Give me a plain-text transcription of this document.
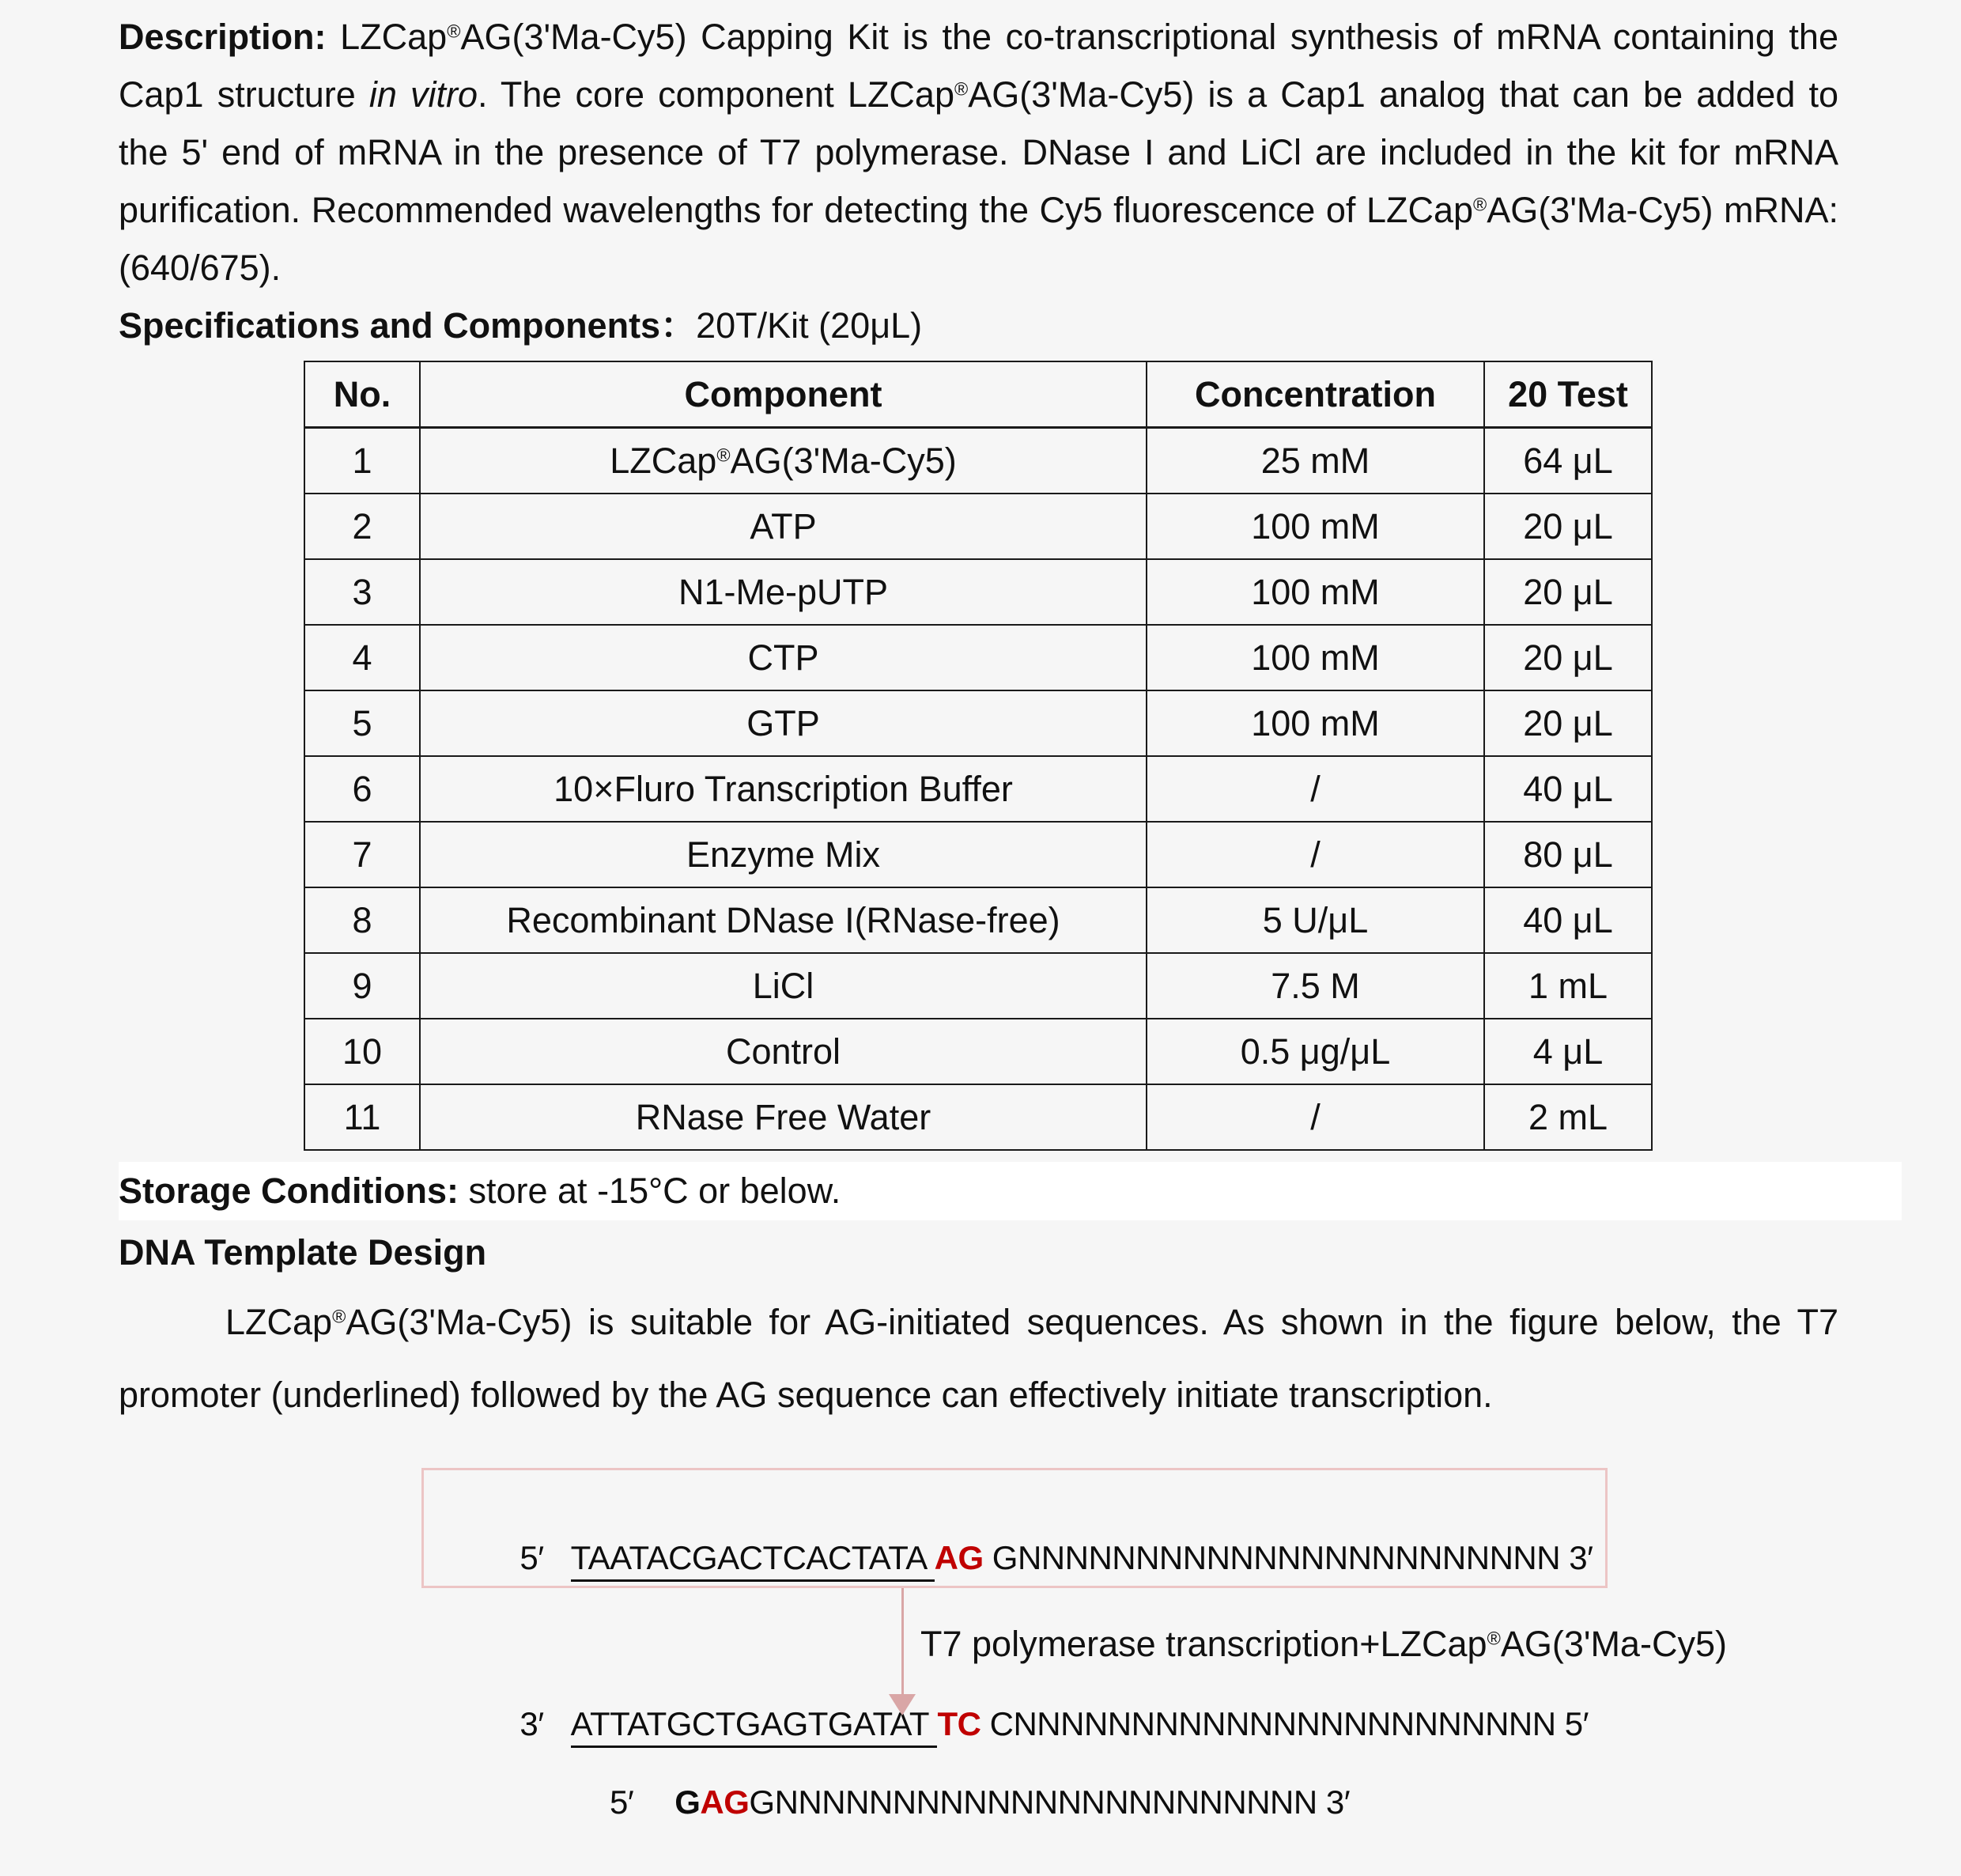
Description: LZCap®AG(3'Ma-Cy5) Capping Kit is the co-transcriptional synthesis of mRNA containing the Cap1 structure in vitro. The core component LZCap®AG(3'Ma-Cy5) is a Cap1 analog that can be added to the 5' end of mRNA in the presence of T7 polymerase. DNase I and LiCl are included in the kit for mRNA purification. Recommended wavelengths for detecting the Cy5 fluorescence of LZCap®AG(3'Ma-Cy5) mRNA: (640/675).
Specifications and Components：20T/Kit (20μL)
No.	Component	Concentration	20 Test
1	LZCap®AG(3'Ma-Cy5)	25 mM	64 μL
2	ATP	100 mM	20 μL
3	N1-Me-pUTP	100 mM	20 μL
4	CTP	100 mM	20 μL
5	GTP	100 mM	20 μL
6	10×Fluro Transcription Buffer	/	40 μL
7	Enzyme Mix	/	80 μL
8	Recombinant DNase I(RNase-free)	5 U/μL	40 μL
9	LiCl	7.5 M	1 mL
10	Control	0.5 μg/μL	4 μL
11	RNase Free Water	/	2 mL
Storage Conditions: store at -15°C or below.
DNA Template Design
LZCap®AG(3'Ma-Cy5) is suitable for AG-initiated sequences. As shown in the figure below, the T7 promoter (underlined) followed by the AG sequence can effectively initiate transcription.

5′ TAATACGACTCACTATA AG GNNNNNNNNNNNNNNNNNNNNNNN 3′

3′ ATTATGCTGAGTGATAT TC CNNNNNNNNNNNNNNNNNNNNNNN 5′

T7 polymerase transcription+LZCap®AG(3'Ma-Cy5)

5′ GAGGNNNNNNNNNNNNNNNNNNNNNNN 3′
